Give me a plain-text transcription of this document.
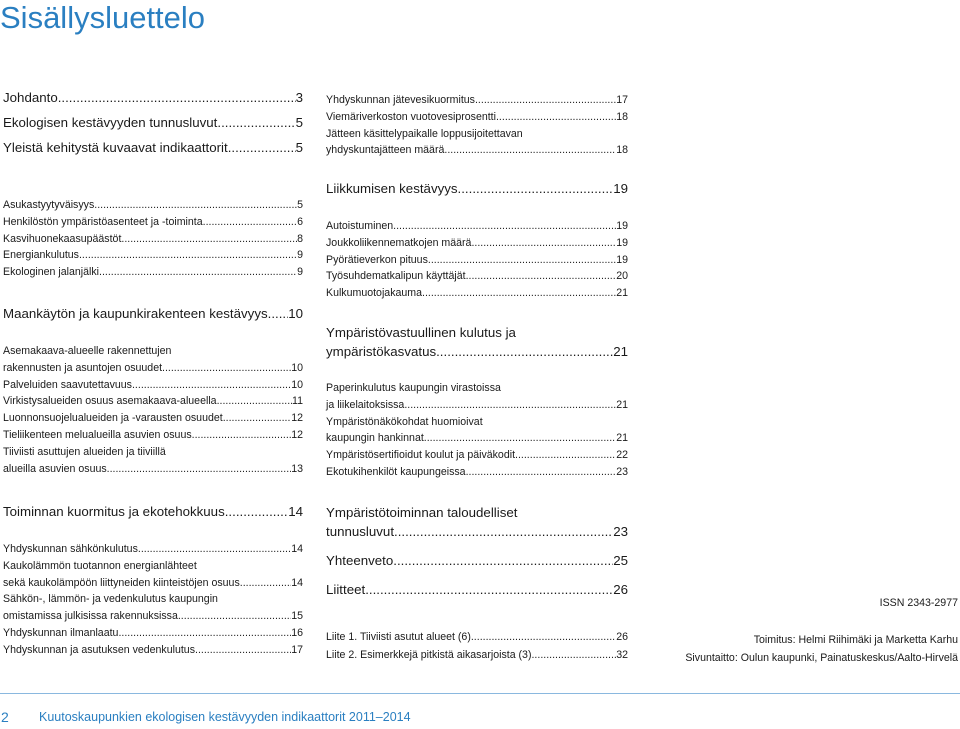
Sisällysluettelo
Johdanto .....	3
Ekologisen kestävyyden tunnusluvut .....	5
Yleistä kehitystä kuvaavat indikaattorit .....	5
Asukastyytyväisyys .....	5
Henkilöstön ympäristöasenteet ja -toiminta .....	6
Kasvihuonekaasupäästöt .....	8
Energiankulutus .....	9
Ekologinen jalanjälki .....	9
Maankäytön ja kaupunkirakenteen kestävyys ..... 10
Asemakaava-alueelle rakennettujen
rakennusten ja asuntojen osuudet .....	10
Palveluiden saavutettavuus .....	10
Virkistysalueiden osuus asemakaava-alueella .....	11
Luonnonsuojelualueiden ja -varausten osuudet .....	12
Tieliikenteen melualueilla asuvien osuus .....	12
Tiiviisti asuttujen alueiden ja tiiviillä
alueilla asuvien osuus .....	13
Toiminnan kuormitus ja ekotehokkuus .....	14
Yhdyskunnan sähkönkulutus .....	14
Kaukolämmön tuotannon energianlähteet
sekä kaukolämpöön liittyneiden kiinteistöjen osuus .....	14
Sähkön-, lämmön- ja vedenkulutus kaupungin
omistamissa julkisissa rakennuksissa .....	15
Yhdyskunnan ilmanlaatu .....	16
Yhdyskunnan ja asutuksen vedenkulutus .....	17
Yhdyskunnan jätevesikuormitus .....	17
Viemäriverkoston vuotovesiprosentti .....	18
Jätteen käsittelypaikalle loppusijoitettavan
yhdyskuntajätteen määrä .....	18
Liikkumisen kestävyys .....	19
Autoistuminen .....	19
Joukkoliikennematkojen määrä .....	19
Pyörätieverkon pituus .....	19
Työsuhdematkalipun käyttäjät .....	20
Kulkumuotojakauma .....	21
Ympäristövastuullinen kulutus ja
ympäristökasvatus .....	21
Paperinkulutus kaupungin virastoissa
ja liikelaitoksissa .....	21
Ympäristönäkökohdat huomioivat
kaupungin hankinnat .....	21
Ympäristösertifioidut koulut ja päiväkodit .....	22
Ekotukihenkilöt kaupungeissa .....	23
Ympäristötoiminnan taloudelliset
tunnusluvut .....	23
Yhteenveto .....	25
Liitteet .....	26
Liite 1. Tiiviisti asutut alueet (6) .....	26
Liite 2. Esimerkkejä pitkistä aikasarjoista (3) .....	32
ISSN 2343-2977
Toimitus: Helmi Riihimäki ja Marketta Karhu
Sivuntaitto: Oulun kaupunki, Painatuskeskus/Aalto-Hirvelä
2 Kuutoskaupunkien ekologisen kestävyyden indikaattorit 2011–2014
